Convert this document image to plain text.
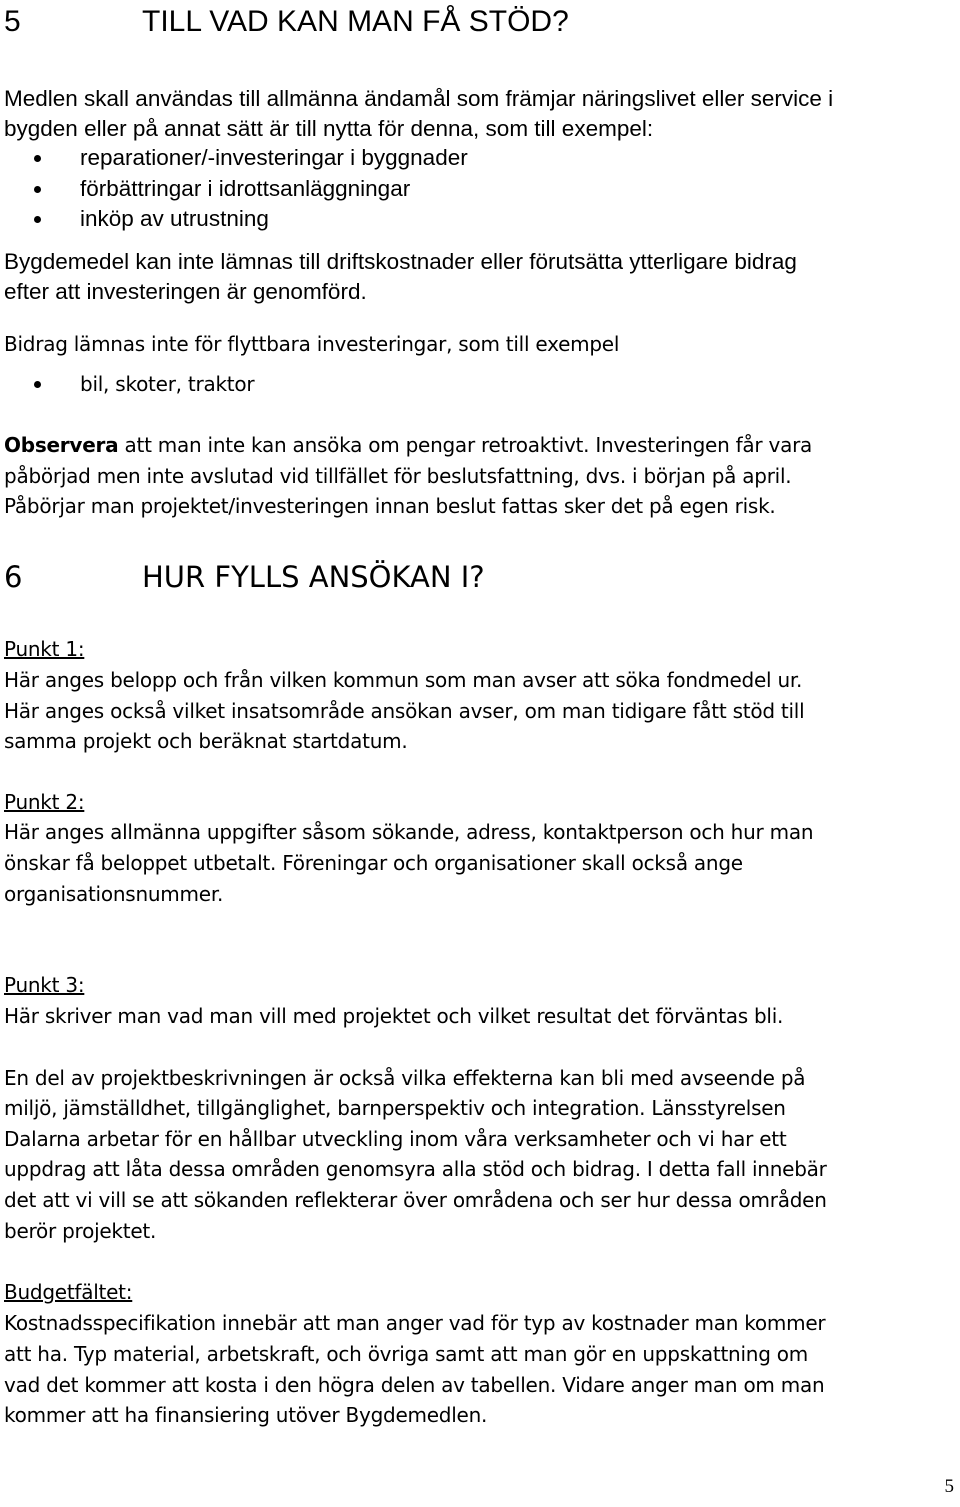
5	TILL VAD KAN MAN FÅ STÖD?
Medlen skall användas till allmänna ändamål som främjar näringslivet eller service i
bygden eller på annat sätt är till nytta för denna, som till exempel:
reparationer/-investeringar i byggnader
förbättringar i idrottsanläggningar
inköp av utrustning
Bygdemedel kan inte lämnas till driftskostnader eller förutsätta ytterligare bidrag
efter att investeringen är genomförd.
Bidrag lämnas inte för flyttbara investeringar, som till exempel
bil, skoter, traktor
Observera att man inte kan ansöka om pengar retroaktivt. Investeringen får vara
påbörjad men inte avslutad vid tillfället för beslutsfattning, dvs. i början på april.
Påbörjar man projektet/investeringen innan beslut fattas sker det på egen risk.
6	HUR FYLLS ANSÖKAN I?
Punkt 1:
Här anges belopp och från vilken kommun som man avser att söka fondmedel ur.
Här anges också vilket insatsområde ansökan avser, om man tidigare fått stöd till
samma projekt och beräknat startdatum.
Punkt 2:
Här anges allmänna uppgifter såsom sökande, adress, kontaktperson och hur man
önskar få beloppet utbetalt. Föreningar och organisationer skall också ange
organisationsnummer.
Punkt 3:
Här skriver man vad man vill med projektet och vilket resultat det förväntas bli.
En del av projektbeskrivningen är också vilka effekterna kan bli med avseende på
miljö, jämställdhet, tillgänglighet, barnperspektiv och integration. Länsstyrelsen
Dalarna arbetar för en hållbar utveckling inom våra verksamheter och vi har ett
uppdrag att låta dessa områden genomsyra alla stöd och bidrag. I detta fall innebär
det att vi vill se att sökanden reflekterar över områdena och ser hur dessa områden
berör projektet.
Budgetfältet:
Kostnadsspecifikation innebär att man anger vad för typ av kostnader man kommer
att ha. Typ material, arbetskraft, och övriga samt att man gör en uppskattning om
vad det kommer att kosta i den högra delen av tabellen. Vidare anger man om man
kommer att ha finansiering utöver Bygdemedlen.
5
